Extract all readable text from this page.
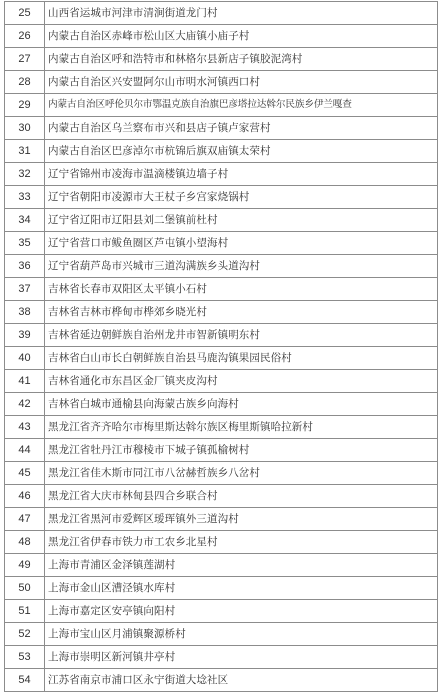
25	山西省运城市河津市清涧街道龙门村
26	内蒙古自治区赤峰市松山区大庙镇小庙子村
27	内蒙古自治区呼和浩特市和林格尔县新店子镇胶泥湾村
28	内蒙古自治区兴安盟阿尔山市明水河镇西口村
29	内蒙古自治区呼伦贝尔市鄂温克族自治旗巴彦塔拉达斡尔民族乡伊兰嘎查
30	内蒙古自治区乌兰察布市兴和县店子镇卢家营村
31	内蒙古自治区巴彦淖尔市杭锦后旗双庙镇太荣村
32	辽宁省锦州市凌海市温滴楼镇边墙子村
33	辽宁省朝阳市凌源市大王杖子乡宫家烧锅村
34	辽宁省辽阳市辽阳县刘二堡镇前杜村
35	辽宁省营口市鲅鱼圈区芦屯镇小望海村
36	辽宁省葫芦岛市兴城市三道沟满族乡头道沟村
37	吉林省长春市双阳区太平镇小石村
38	吉林省吉林市桦甸市桦郊乡晓光村
39	吉林省延边朝鲜族自治州龙井市智新镇明东村
40	吉林省白山市长白朝鲜族自治县马鹿沟镇果园民俗村
41	吉林省通化市东昌区金厂镇夹皮沟村
42	吉林省白城市通榆县向海蒙古族乡向海村
43	黑龙江省齐齐哈尔市梅里斯达斡尔族区梅里斯镇哈拉新村
44	黑龙江省牡丹江市穆棱市下城子镇孤榆树村
45	黑龙江省佳木斯市同江市八岔赫哲族乡八岔村
46	黑龙江省大庆市林甸县四合乡联合村
47	黑龙江省黑河市爱辉区瑷珲镇外三道沟村
48	黑龙江省伊春市铁力市工农乡北星村
49	上海市青浦区金泽镇莲湖村
50	上海市金山区漕泾镇水库村
51	上海市嘉定区安亭镇向阳村
52	上海市宝山区月浦镇聚源桥村
53	上海市崇明区新河镇井亭村
54	江苏省南京市浦口区永宁街道大埝社区
